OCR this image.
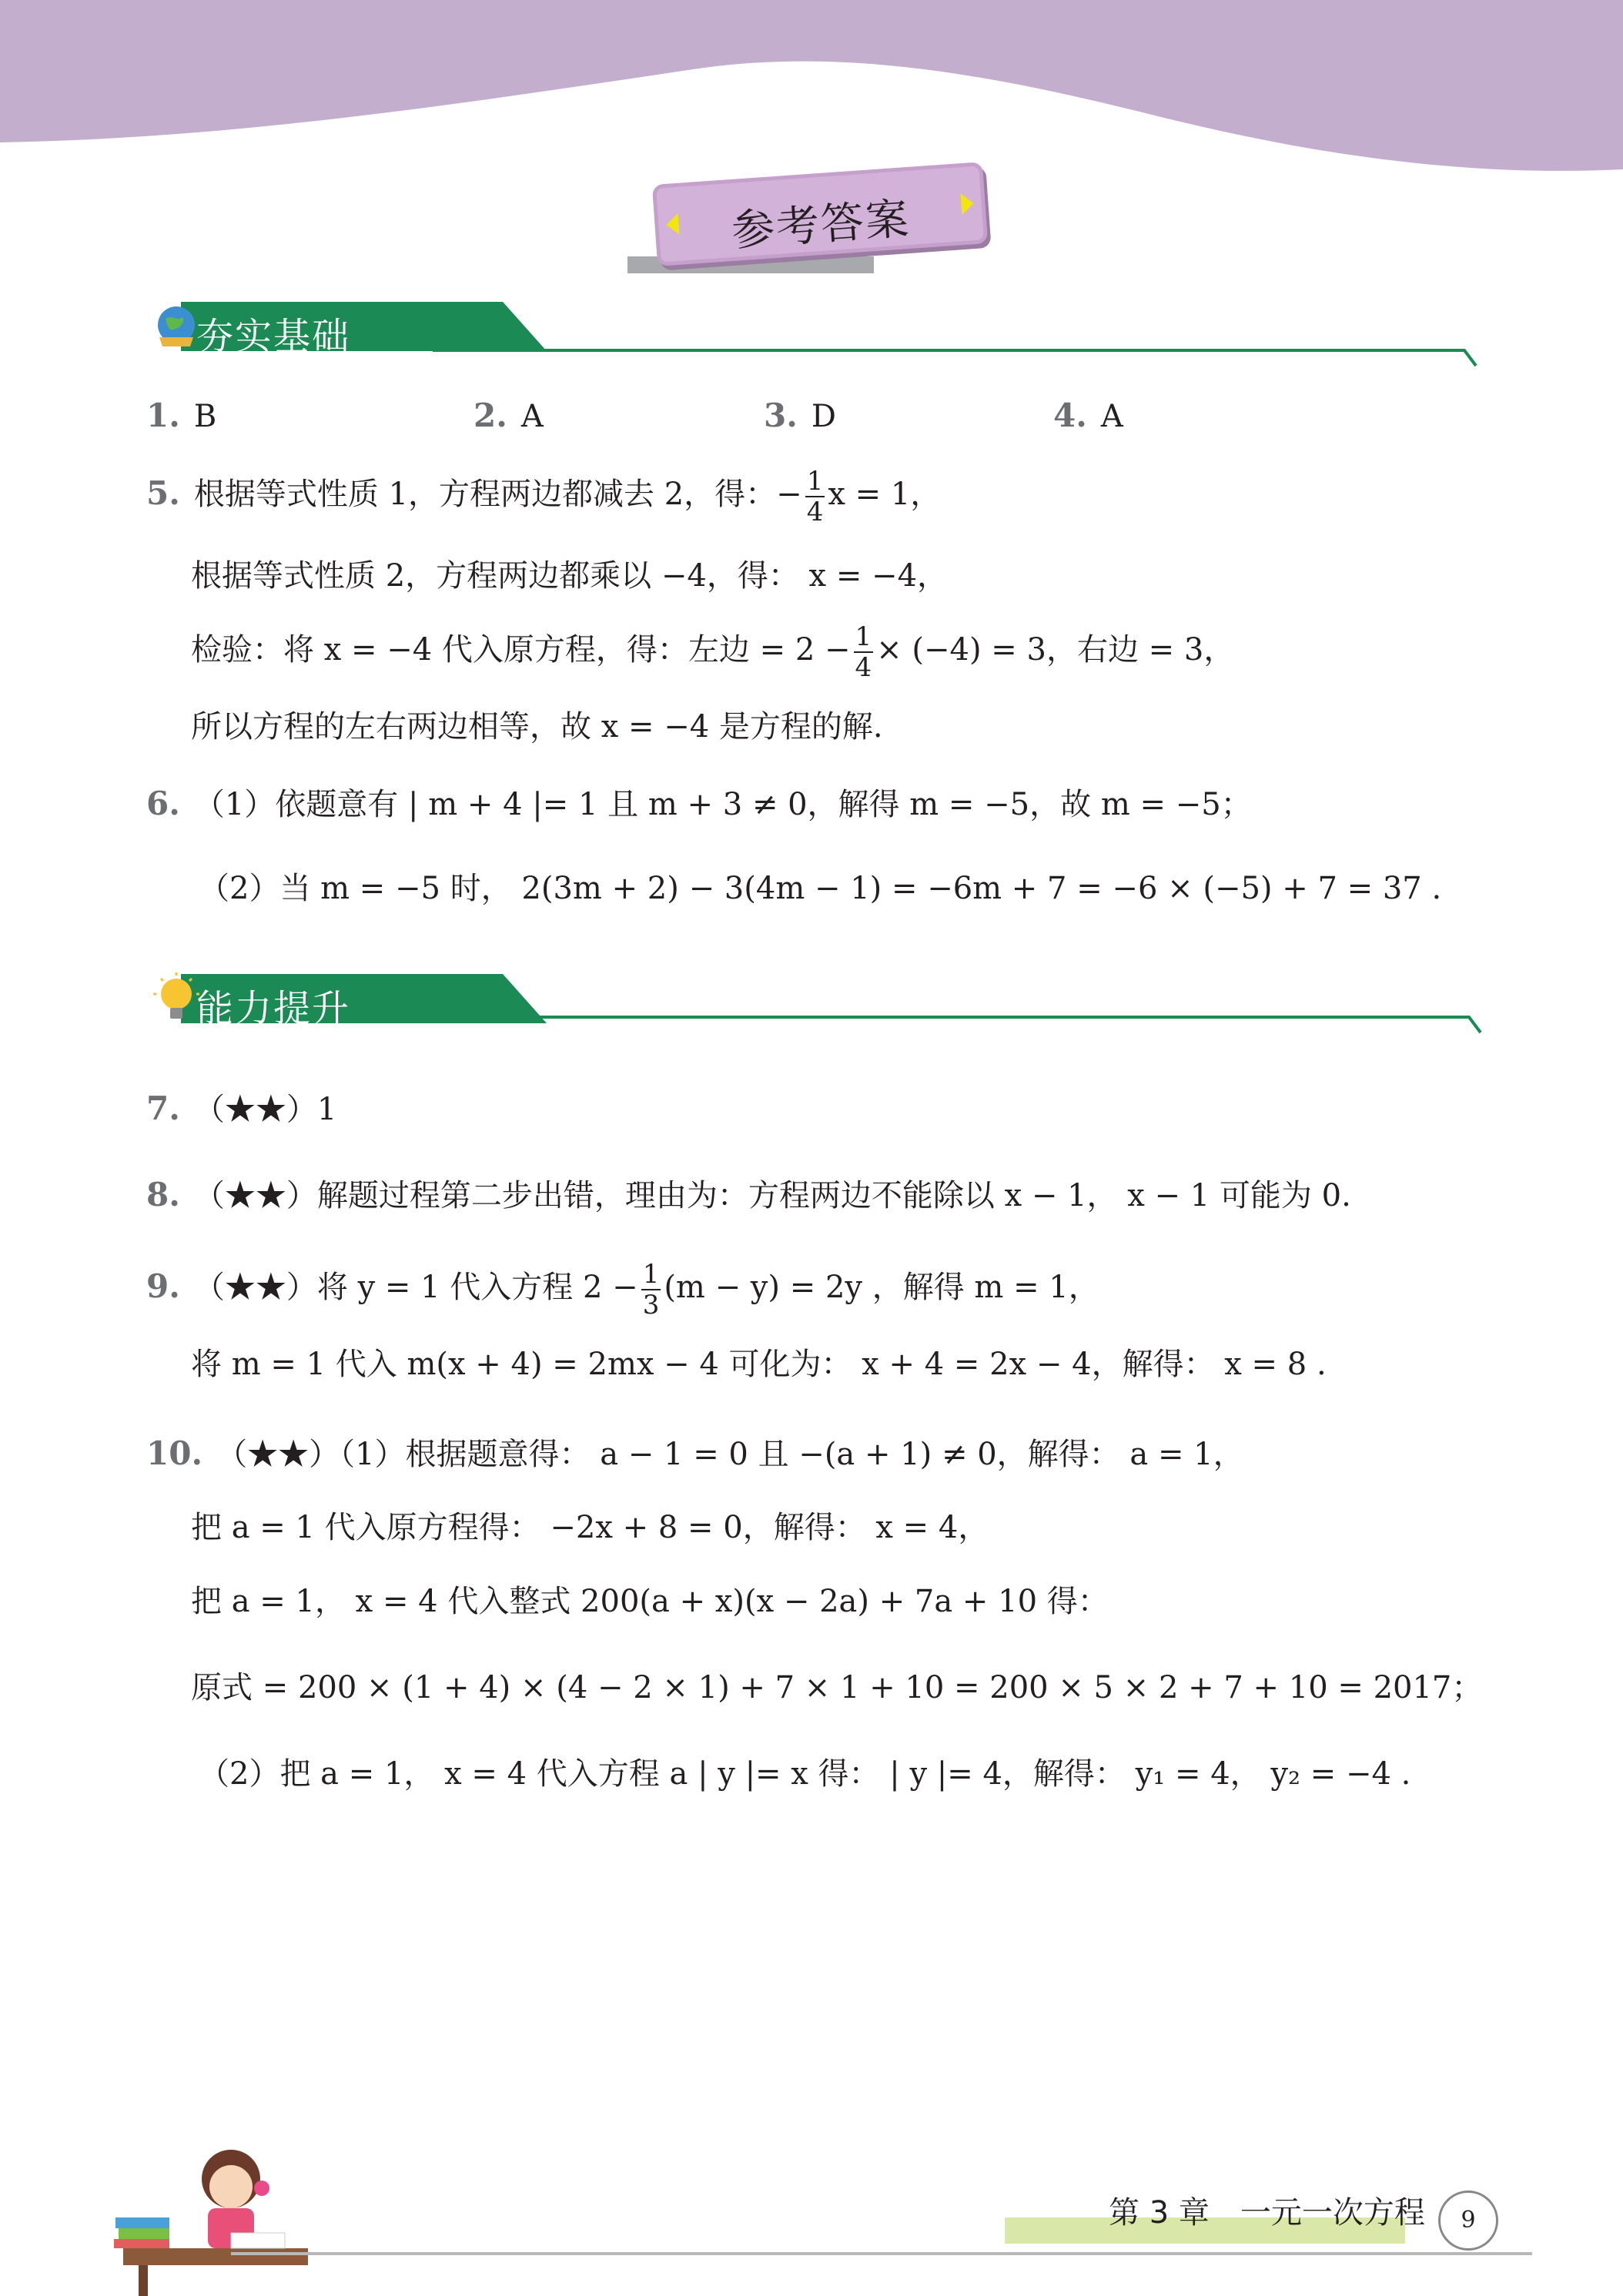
参考答案
夯实基础
1. B	2. A	3. D	4. A
5. 根据等式性质 1，方程两边都减去 2，得：− $\frac{1}{4}$ x = 1，
根据等式性质 2，方程两边都乘以 −4，得： x = −4，
检验：将 x = −4 代入原方程，得：左边 = $2 - \frac{1}{4} \times (-4) = 3$，右边 = 3，
所以方程的左右两边相等，故 x = −4 是方程的解.
6. （1）依题意有 | m + 4 |= 1 且 m + 3 ≠ 0，解得 m = −5，故 m = −5；
（2）当 m = −5 时， 2(3m + 2) − 3(4m − 1) = −6m + 7 = −6 × (−5) + 7 = 37 .
能力提升
7. （★★）1
8. （★★）解题过程第二步出错，理由为：方程两边不能除以 x − 1， x − 1 可能为 0.
9. （★★）将 y = 1 代入方程 $2 - \frac{1}{3} (m - y) = 2y$ ，解得 m = 1，
将 m = 1 代入 m(x + 4) = 2mx − 4 可化为： x + 4 = 2x − 4，解得： x = 8 .
10. （★★）（1）根据题意得： a − 1 = 0 且 −(a + 1) ≠ 0，解得： a = 1，
把 a = 1 代入原方程得： −2x + 8 = 0，解得： x = 4，
把 a = 1， x = 4 代入整式 200(a + x)(x − 2a) + 7a + 10 得：
原式 = 200 × (1 + 4) × (4 − 2 × 1) + 7 × 1 + 10 = 200 × 5 × 2 + 7 + 10 = 2017；
（2）把 a = 1， x = 4 代入方程 a | y |= x 得： | y |= 4，解得： y₁ = 4， y₂ = −4 .
第 3 章　一元一次方程	9
